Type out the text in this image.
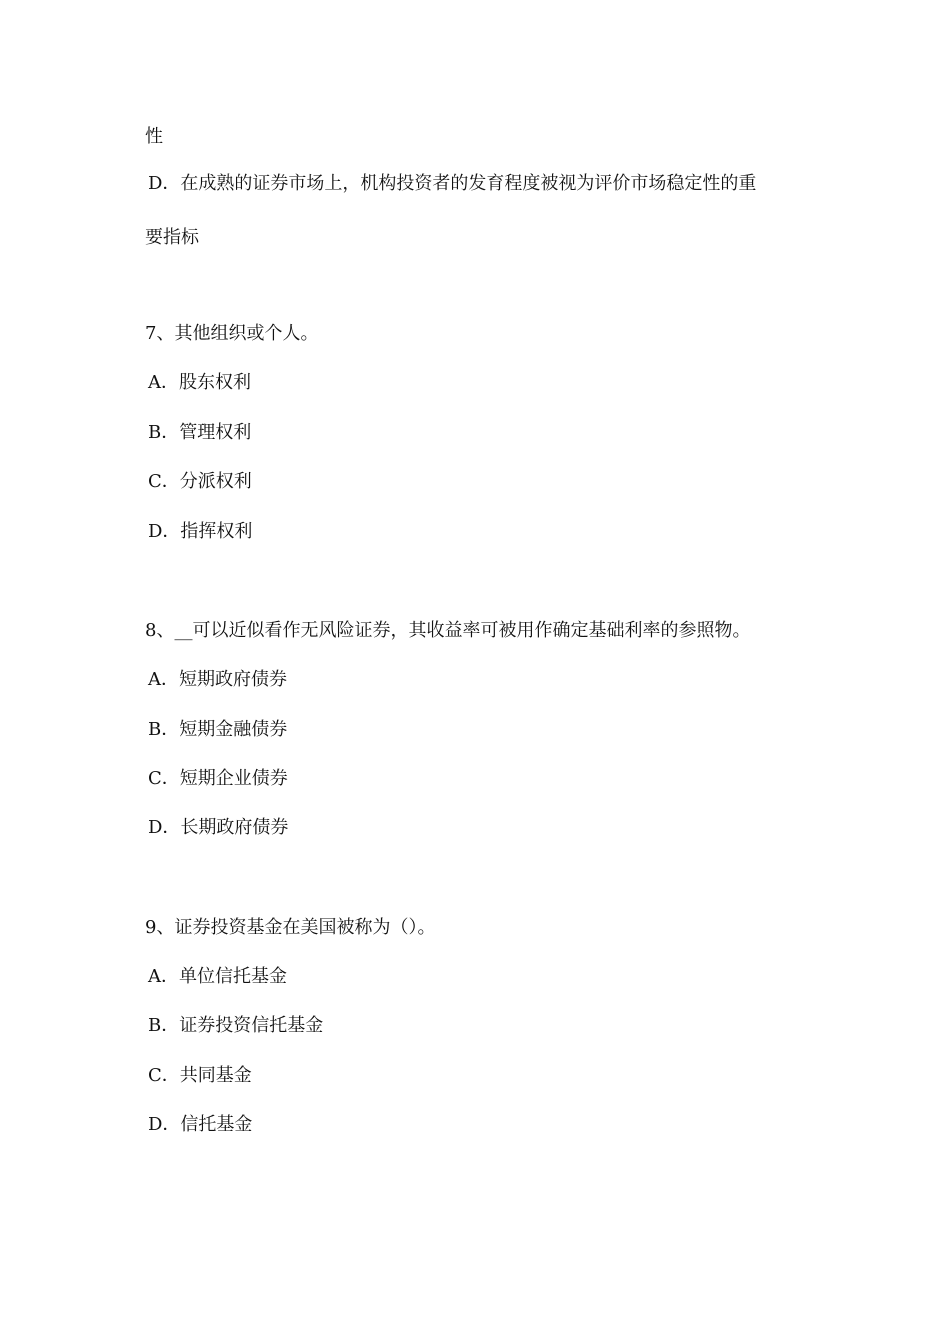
性
D．在成熟的证券市场上，机构投资者的发育程度被视为评价市场稳定性的重
要指标
7、其他组织或个人。
A．股东权利
B．管理权利
C．分派权利
D．指挥权利
8、__可以近似看作无风险证券，其收益率可被用作确定基础利率的参照物。
A．短期政府债券
B．短期金融债券
C．短期企业债券
D．长期政府债券
9、证券投资基金在美国被称为（）。
A．单位信托基金
B．证券投资信托基金
C．共同基金
D．信托基金
